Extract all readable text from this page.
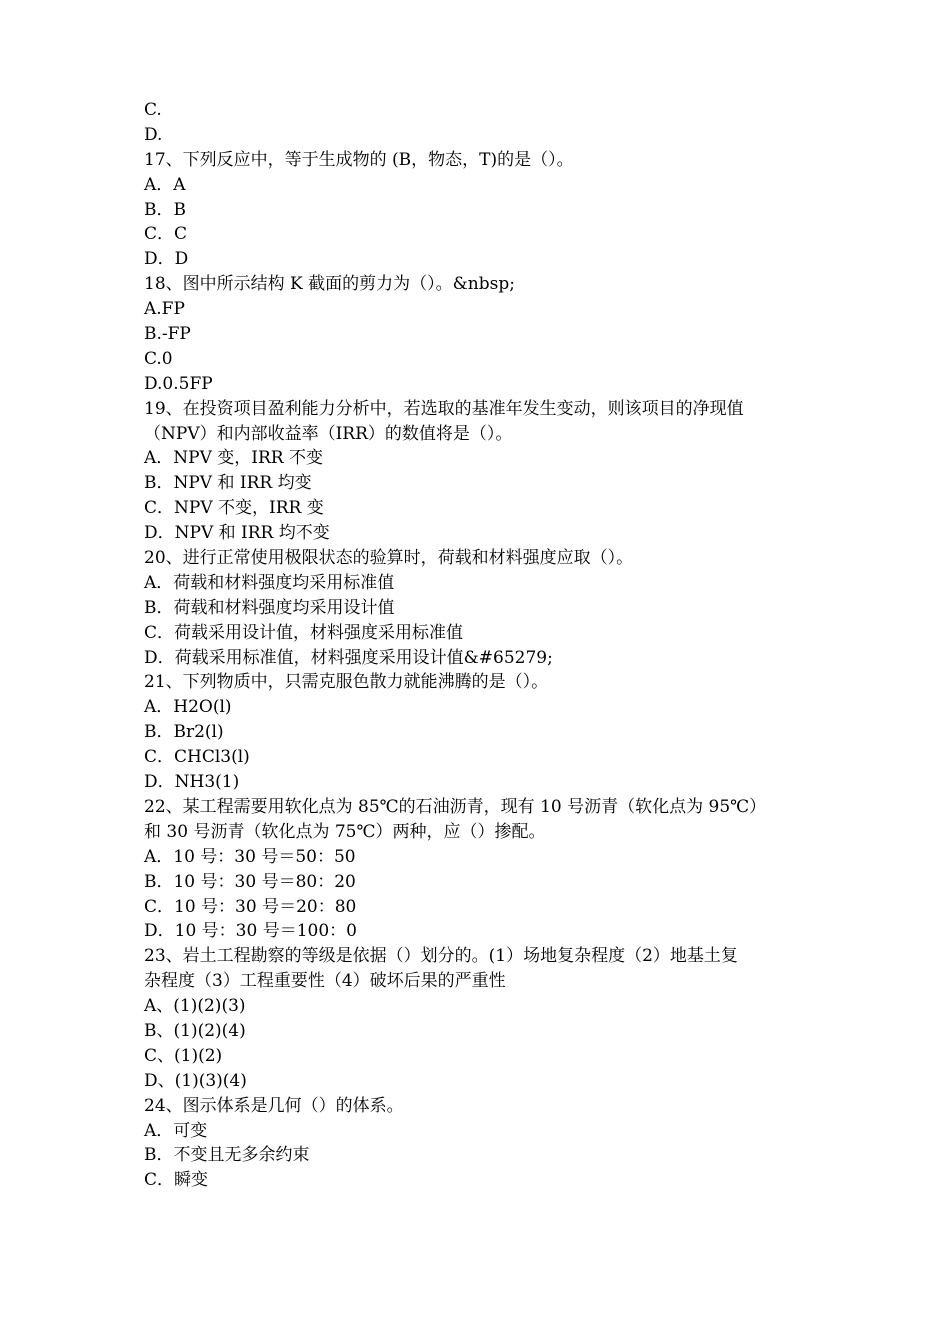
C.
D.
17、下列反应中，等于生成物的 (B，物态，T)的是（）。
A．A
B．B
C．C
D．D
18、图中所示结构 K 截面的剪力为（）。&nbsp;
A.FP
B.-FP
C.0
D.0.5FP
19、在投资项目盈利能力分析中，若选取的基准年发生变动，则该项目的净现值
（NPV）和内部收益率（IRR）的数值将是（）。
A．NPV 变，IRR 不变
B．NPV 和 IRR 均变
C．NPV 不变，IRR 变
D．NPV 和 IRR 均不变
20、进行正常使用极限状态的验算时，荷载和材料强度应取（）。
A．荷载和材料强度均采用标准值
B．荷载和材料强度均采用设计值
C．荷载采用设计值，材料强度采用标准值
D．荷载采用标准值，材料强度采用设计值&#65279;
21、下列物质中，只需克服色散力就能沸腾的是（）。
A．H2O(l)
B．Br2(l)
C．CHCl3(l)
D．NH3(1)
22、某工程需要用软化点为 85℃的石油沥青，现有 10 号沥青（软化点为 95℃）
和 30 号沥青（软化点为 75℃）两种，应（）掺配。
A．10 号：30 号＝50：50
B．10 号：30 号＝80：20
C．10 号：30 号＝20：80
D．10 号：30 号＝100：0
23、岩土工程勘察的等级是依据（）划分的。(1）场地复杂程度（2）地基土复
杂程度（3）工程重要性（4）破坏后果的严重性
A、(1)(2)(3)
B、(1)(2)(4)
C、(1)(2)
D、(1)(3)(4)
24、图示体系是几何（）的体系。
A．可变
B．不变且无多余约束
C．瞬变
